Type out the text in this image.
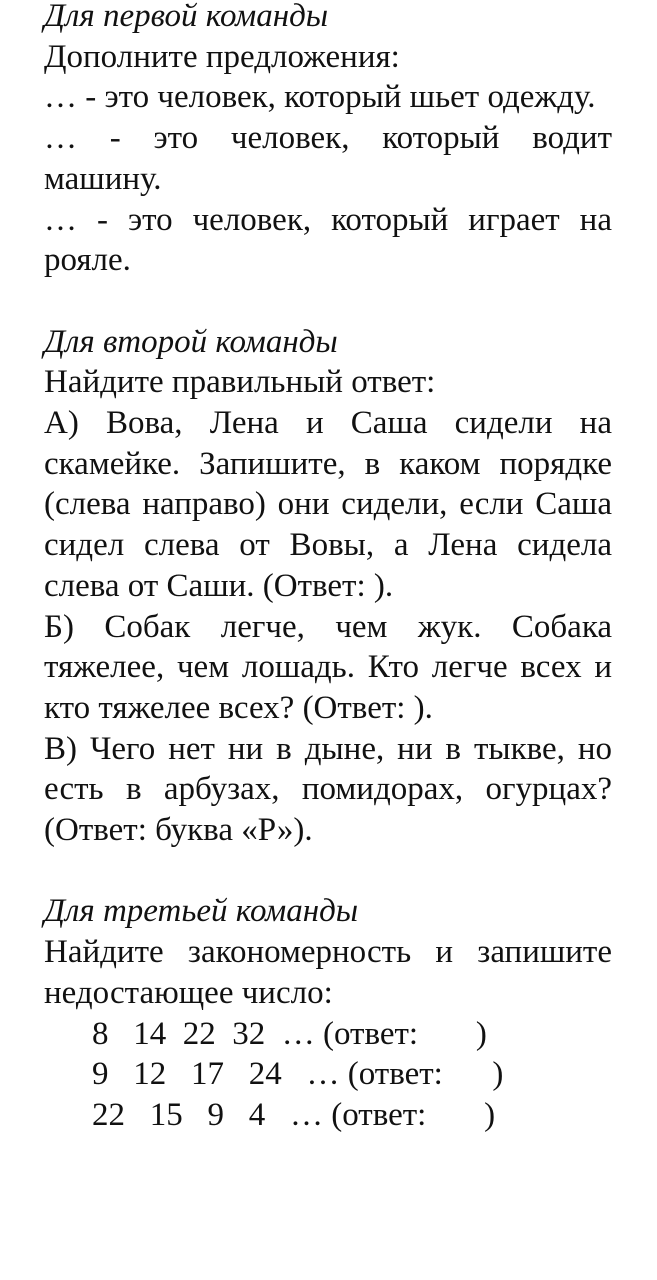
Для первой команды
Дополните предложения:
… - это человек, который шьет одежду.
… - это человек, который водит машину.
… - это человек, который играет на рояле.
Для второй команды
Найдите правильный ответ:
А) Вова, Лена и Саша сидели на скамейке. Запишите, в каком порядке (слева направо) они сидели, если Саша сидел слева от Вовы, а Лена сидела слева от Саши. (Ответ: ).
Б) Собак легче, чем жук. Собака тяжелее, чем лошадь. Кто легче всех и кто тяжелее всех? (Ответ: ).
В) Чего нет ни в дыне, ни в тыкве, но есть в арбузах, помидорах, огурцах? (Ответ: буква «Р»).
Для третьей команды
Найдите закономерность и запишите недостающее число:
8   14  22  32  … (ответ:       )
9   12   17   24   … (ответ:      )
22   15   9   4   … (ответ:       )
